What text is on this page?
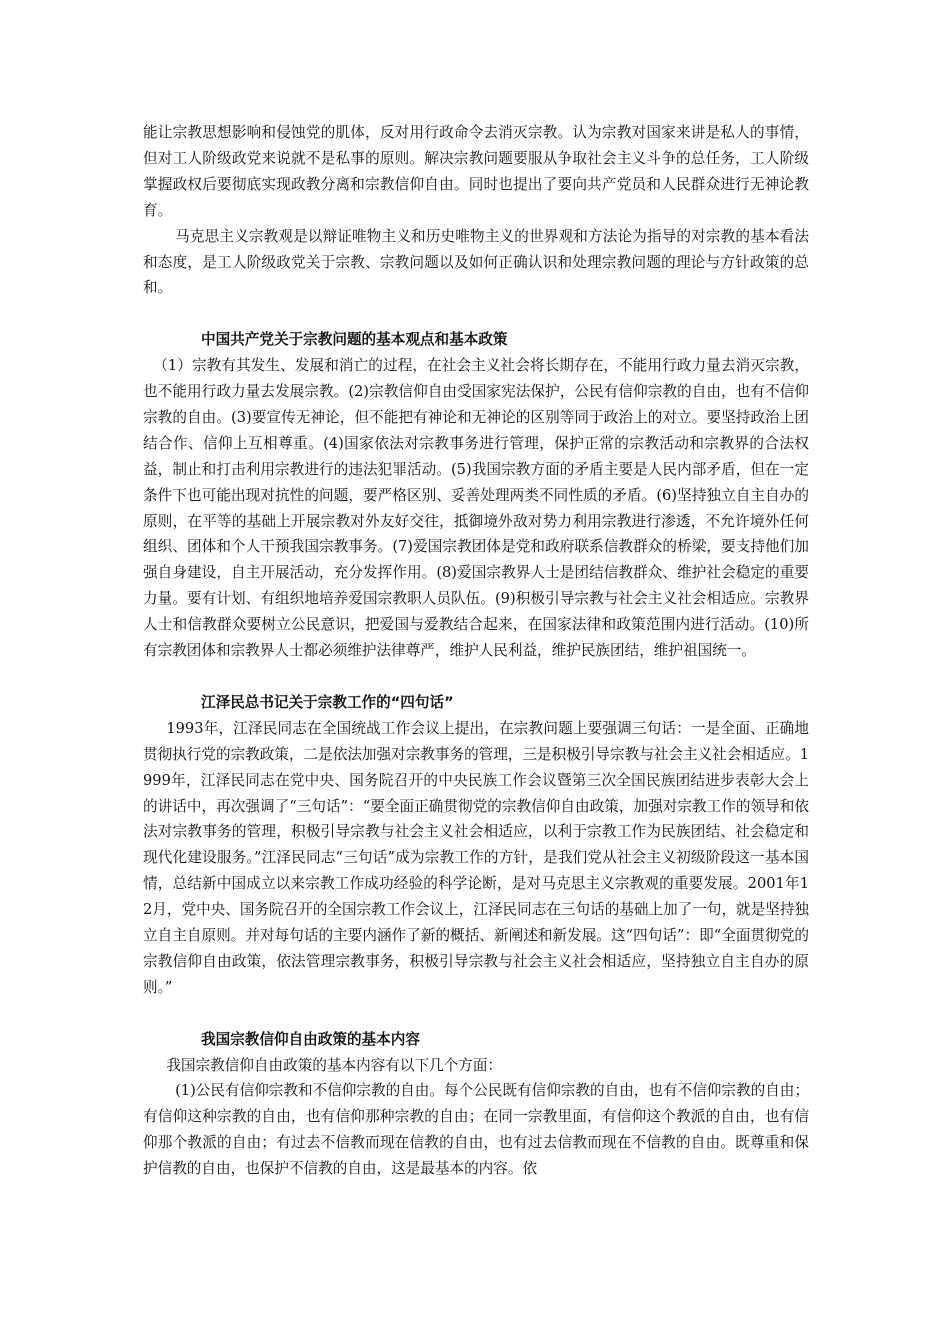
能让宗教思想影响和侵蚀党的肌体，反对用行政命令去消灭宗教。认为宗教对国家来讲是私人的事情，但对工人阶级政党来说就不是私事的原则。解决宗教问题要服从争取社会主义斗争的总任务，工人阶级掌握政权后要彻底实现政教分离和宗教信仰自由。同时也提出了要向共产党员和人民群众进行无神论教育。

马克思主义宗教观是以辩证唯物主义和历史唯物主义的世界观和方法论为指导的对宗教的基本看法和态度，是工人阶级政党关于宗教、宗教问题以及如何正确认识和处理宗教问题的理论与方针政策的总和。

中国共产党关于宗教问题的基本观点和基本政策

（1）宗教有其发生、发展和消亡的过程，在社会主义社会将长期存在，不能用行政力量去消灭宗教，也不能用行政力量去发展宗教。(2)宗教信仰自由受国家宪法保护，公民有信仰宗教的自由，也有不信仰宗教的自由。(3)要宣传无神论，但不能把有神论和无神论的区别等同于政治上的对立。要坚持政治上团结合作、信仰上互相尊重。(4)国家依法对宗教事务进行管理，保护正常的宗教活动和宗教界的合法权益，制止和打击利用宗教进行的违法犯罪活动。(5)我国宗教方面的矛盾主要是人民内部矛盾，但在一定条件下也可能出现对抗性的问题，要严格区别、妥善处理两类不同性质的矛盾。(6)坚持独立自主自办的原则，在平等的基础上开展宗教对外友好交往，抵御境外敌对势力利用宗教进行渗透，不允许境外任何组织、团体和个人干预我国宗教事务。(7)爱国宗教团体是党和政府联系信教群众的桥梁，要支持他们加强自身建设，自主开展活动，充分发挥作用。(8)爱国宗教界人士是团结信教群众、维护社会稳定的重要力量。要有计划、有组织地培养爱国宗教职人员队伍。(9)积极引导宗教与社会主义社会相适应。宗教界人士和信教群众要树立公民意识，把爱国与爱教结合起来，在国家法律和政策范围内进行活动。(10)所有宗教团体和宗教界人士都必须维护法律尊严，维护人民利益，维护民族团结，维护祖国统一。

江泽民总书记关于宗教工作的“四句话”

1993年，江泽民同志在全国统战工作会议上提出，在宗教问题上要强调三句话：一是全面、正确地贯彻执行党的宗教政策，二是依法加强对宗教事务的管理，三是积极引导宗教与社会主义社会相适应。1999年，江泽民同志在党中央、国务院召开的中央民族工作会议暨第三次全国民族团结进步表彰大会上的讲话中，再次强调了“三句话”：“要全面正确贯彻党的宗教信仰自由政策，加强对宗教工作的领导和依法对宗教事务的管理，积极引导宗教与社会主义社会相适应，以利于宗教工作为民族团结、社会稳定和现代化建设服务。”江泽民同志“三句话”成为宗教工作的方针，是我们党从社会主义初级阶段这一基本国情，总结新中国成立以来宗教工作成功经验的科学论断，是对马克思主义宗教观的重要发展。2001年12月，党中央、国务院召开的全国宗教工作会议上，江泽民同志在三句话的基础上加了一句，就是坚持独立自主自原则。并对每句话的主要内涵作了新的概括、新阐述和新发展。这“四句话”：即“全面贯彻党的宗教信仰自由政策，依法管理宗教事务，积极引导宗教与社会主义社会相适应，坚持独立自主自办的原则。”

我国宗教信仰自由政策的基本内容

我国宗教信仰自由政策的基本内容有以下几个方面：

(1)公民有信仰宗教和不信仰宗教的自由。每个公民既有信仰宗教的自由，也有不信仰宗教的自由；有信仰这种宗教的自由，也有信仰那种宗教的自由；在同一宗教里面，有信仰这个教派的自由，也有信仰那个教派的自由；有过去不信教而现在信教的自由，也有过去信教而现在不信教的自由。既尊重和保护信教的自由，也保护不信教的自由，这是最基本的内容。依
